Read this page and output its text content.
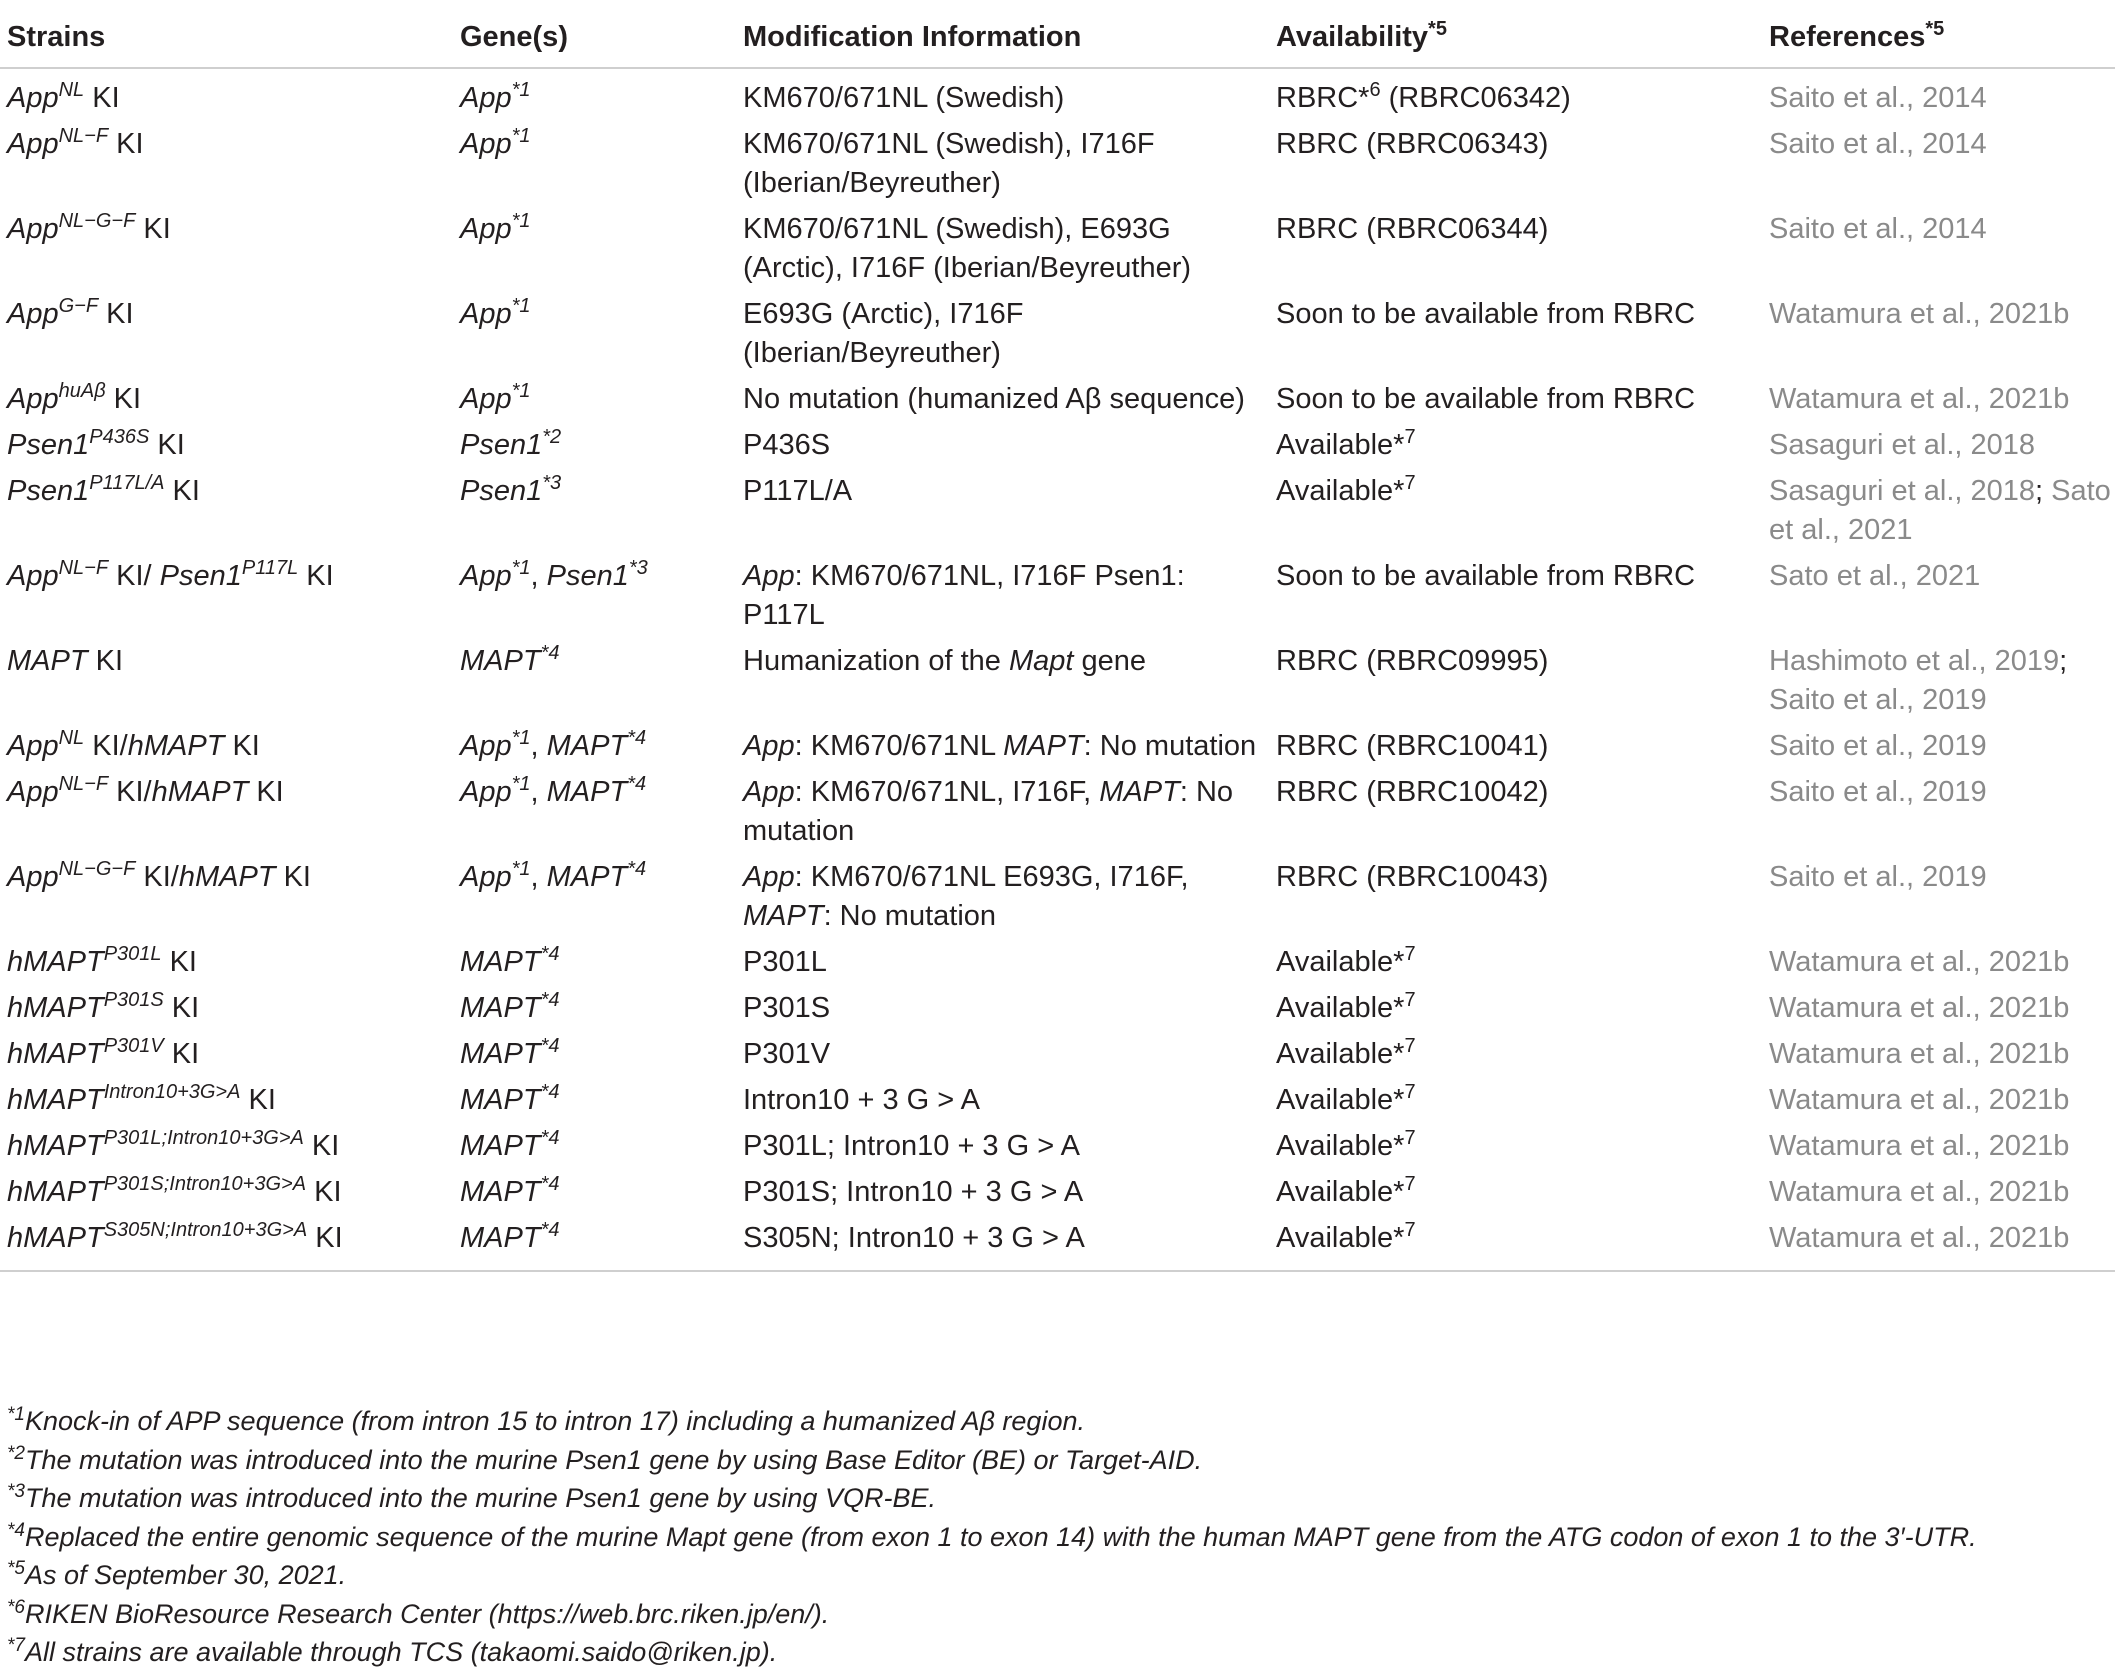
Strains	Gene(s)	Modification Information	Availability$^{*5}$	References$^{*5}$
App$^{NL}$ KI	App$^{*1}$	KM670/671NL (Swedish)	RBRC*$^6$ (RBRC06342)	Saito et al., 2014
App$^{NL-F}$ KI	App$^{*1}$	KM670/671NL (Swedish), I716F (Iberian/Beyreuther)	RBRC (RBRC06343)	Saito et al., 2014
App$^{NL-G-F}$ KI	App$^{*1}$	KM670/671NL (Swedish), E693G (Arctic), I716F (Iberian/Beyreuther)	RBRC (RBRC06344)	Saito et al., 2014
App$^{G-F}$ KI	App$^{*1}$	E693G (Arctic), I716F (Iberian/Beyreuther)	Soon to be available from RBRC	Watamura et al., 2021b
App$^{huA\beta}$ KI	App$^{*1}$	No mutation (humanized Aβ sequence)	Soon to be available from RBRC	Watamura et al., 2021b
$Psen1^{P436S}$ KI	Psen1$^{*2}$	P436S	Available*$^7$	Sasaguri et al., 2018
$Psen1^{P117L/A}$ KI	Psen1$^{*3}$	P117L/A	Available*$^7$	Sasaguri et al., 2018; Sato et al., 2021
App$^{NL-F}$ KI/ $Psen1^{P117L}$ KI	App$^{*1}$, Psen1$^{*3}$	App: KM670/671NL, I716F Psen1: P117L	Soon to be available from RBRC	Sato et al., 2021
MAPT KI	MAPT$^{*4}$	Humanization of the Mapt gene	RBRC (RBRC09995)	Hashimoto et al., 2019; Saito et al., 2019
App$^{NL}$ KI/hMAPT KI	App$^{*1}$, MAPT$^{*4}$	App: KM670/671NL MAPT: No mutation	RBRC (RBRC10041)	Saito et al., 2019
App$^{NL-F}$ KI/hMAPT KI	App$^{*1}$, MAPT$^{*4}$	App: KM670/671NL, I716F, MAPT: No mutation	RBRC (RBRC10042)	Saito et al., 2019
App$^{NL-G-F}$ KI/hMAPT KI	App$^{*1}$, MAPT$^{*4}$	App: KM670/671NL E693G, I716F, MAPT: No mutation	RBRC (RBRC10043)	Saito et al., 2019
hMAPT$^{P301L}$ KI	MAPT$^{*4}$	P301L	Available*$^7$	Watamura et al., 2021b
hMAPT$^{P301S}$ KI	MAPT$^{*4}$	P301S	Available*$^7$	Watamura et al., 2021b
hMAPT$^{P301V}$ KI	MAPT$^{*4}$	P301V	Available*$^7$	Watamura et al., 2021b
hMAPT$^{Intron10+3G>A}$ KI	MAPT$^{*4}$	Intron10 + 3 G > A	Available*$^7$	Watamura et al., 2021b
hMAPT$^{P301L;Intron10+3G>A}$ KI	MAPT$^{*4}$	P301L; Intron10 + 3 G > A	Available*$^7$	Watamura et al., 2021b
hMAPT$^{P301S;Intron10+3G>A}$ KI	MAPT$^{*4}$	P301S; Intron10 + 3 G > A	Available*$^7$	Watamura et al., 2021b
hMAPT$^{S305N;Intron10+3G>A}$ KI	MAPT$^{*4}$	S305N; Intron10 + 3 G > A	Available*$^7$	Watamura et al., 2021b
$^{*1}$Knock-in of APP sequence (from intron 15 to intron 17) including a humanized Aβ region.
$^{*2}$The mutation was introduced into the murine Psen1 gene by using Base Editor (BE) or Target-AID.
$^{*3}$The mutation was introduced into the murine Psen1 gene by using VQR-BE.
$^{*4}$Replaced the entire genomic sequence of the murine Mapt gene (from exon 1 to exon 14) with the human MAPT gene from the ATG codon of exon 1 to the 3′-UTR.
$^{*5}$As of September 30, 2021.
$^{*6}$RIKEN BioResource Research Center (https://web.brc.riken.jp/en/).
$^{*7}$All strains are available through TCS (takaomi.saido@riken.jp).
